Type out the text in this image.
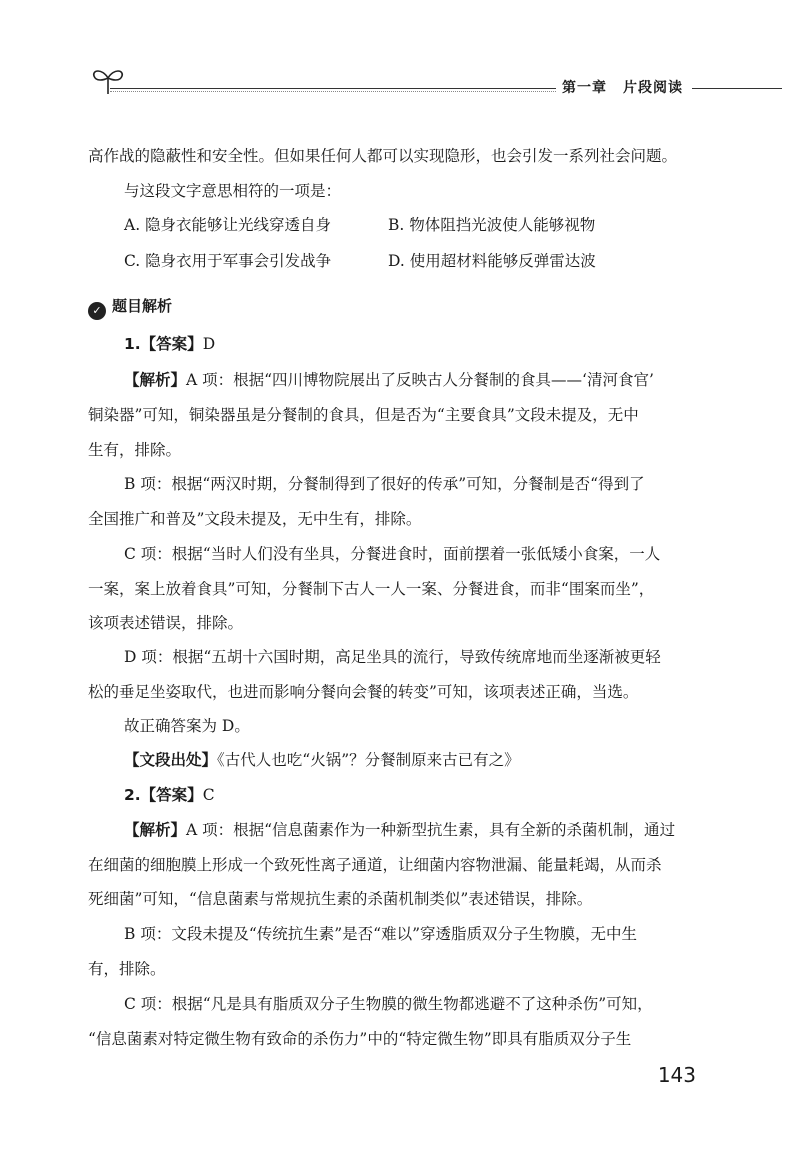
第一章 片段阅读
高作战的隐蔽性和安全性。但如果任何人都可以实现隐形，也会引发一系列社会问题。
与这段文字意思相符的一项是：
A. 隐身衣能够让光线穿透自身	B. 物体阻挡光波使人能够视物
C. 隐身衣用于军事会引发战争	D. 使用超材料能够反弹雷达波
✓ 题目解析
1.【答案】D
【解析】A 项：根据“四川博物院展出了反映古人分餐制的食具——‘清河食官’
铜染器”可知，铜染器虽是分餐制的食具，但是否为“主要食具”文段未提及，无中
生有，排除。
B 项：根据“两汉时期，分餐制得到了很好的传承”可知，分餐制是否“得到了
全国推广和普及”文段未提及，无中生有，排除。
C 项：根据“当时人们没有坐具，分餐进食时，面前摆着一张低矮小食案，一人
一案，案上放着食具”可知，分餐制下古人一人一案、分餐进食，而非“围案而坐”，
该项表述错误，排除。
D 项：根据“五胡十六国时期，高足坐具的流行，导致传统席地而坐逐渐被更轻
松的垂足坐姿取代，也进而影响分餐向会餐的转变”可知，该项表述正确，当选。
故正确答案为 D。
【文段出处】《古代人也吃“火锅”？分餐制原来古已有之》
2.【答案】C
【解析】A 项：根据“信息菌素作为一种新型抗生素，具有全新的杀菌机制，通过
在细菌的细胞膜上形成一个致死性离子通道，让细菌内容物泄漏、能量耗竭，从而杀
死细菌”可知，“信息菌素与常规抗生素的杀菌机制类似”表述错误，排除。
B 项：文段未提及“传统抗生素”是否“难以”穿透脂质双分子生物膜，无中生
有，排除。
C 项：根据“凡是具有脂质双分子生物膜的微生物都逃避不了这种杀伤”可知，
“信息菌素对特定微生物有致命的杀伤力”中的“特定微生物”即具有脂质双分子生
143
